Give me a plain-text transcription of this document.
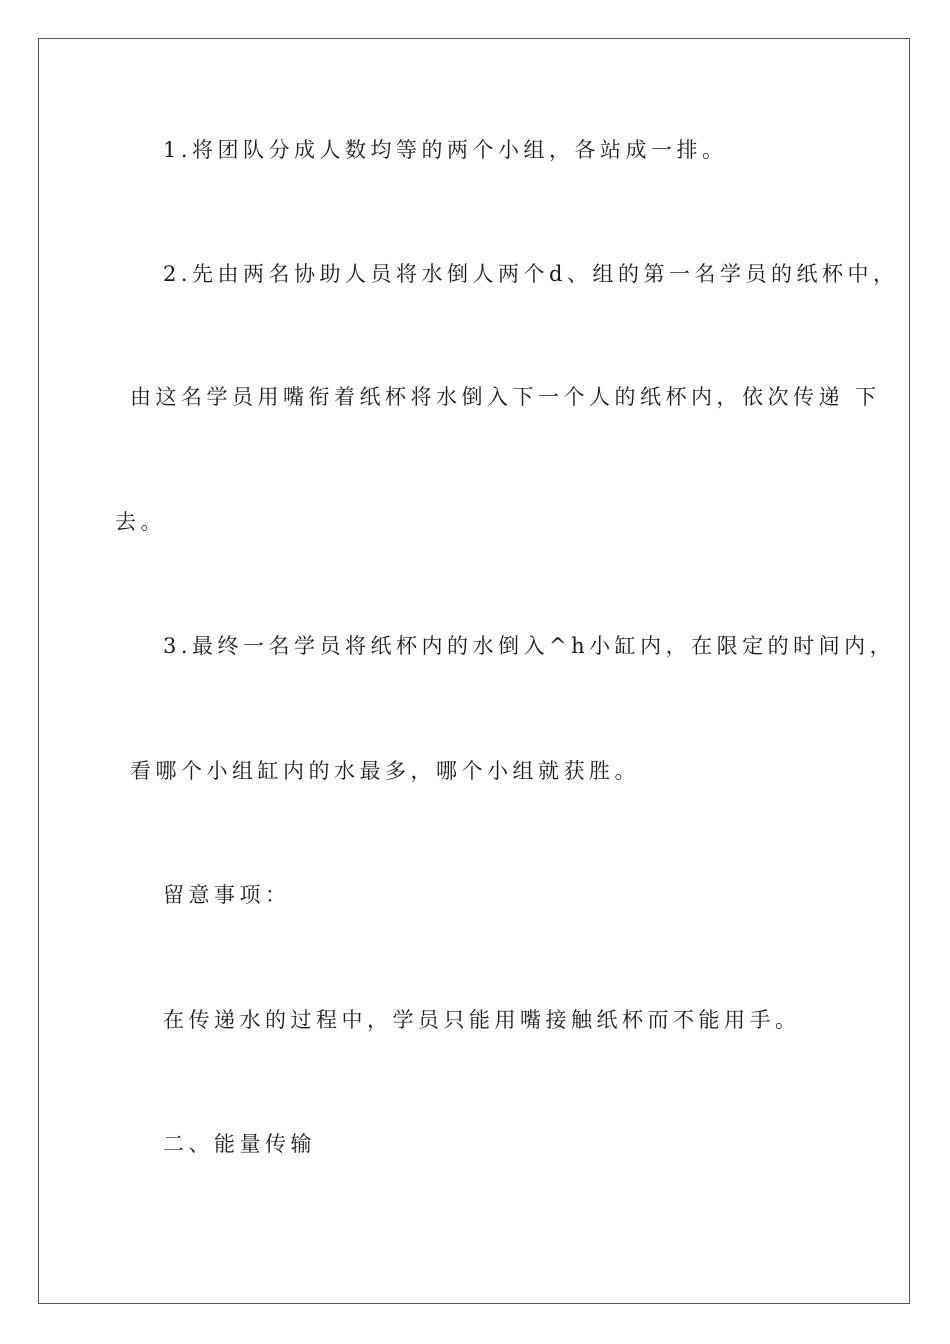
1.将团队分成人数均等的两个小组，各站成一排。
2.先由两名协助人员将水倒人两个d、组的第一名学员的纸杯中，
由这名学员用嘴衔着纸杯将水倒入下一个人的纸杯内，依次传递 下
去。
3.最终一名学员将纸杯内的水倒入^h小缸内，在限定的时间内，
看哪个小组缸内的水最多，哪个小组就获胜。
留意事项：
在传递水的过程中，学员只能用嘴接触纸杯而不能用手。
二、能量传输
